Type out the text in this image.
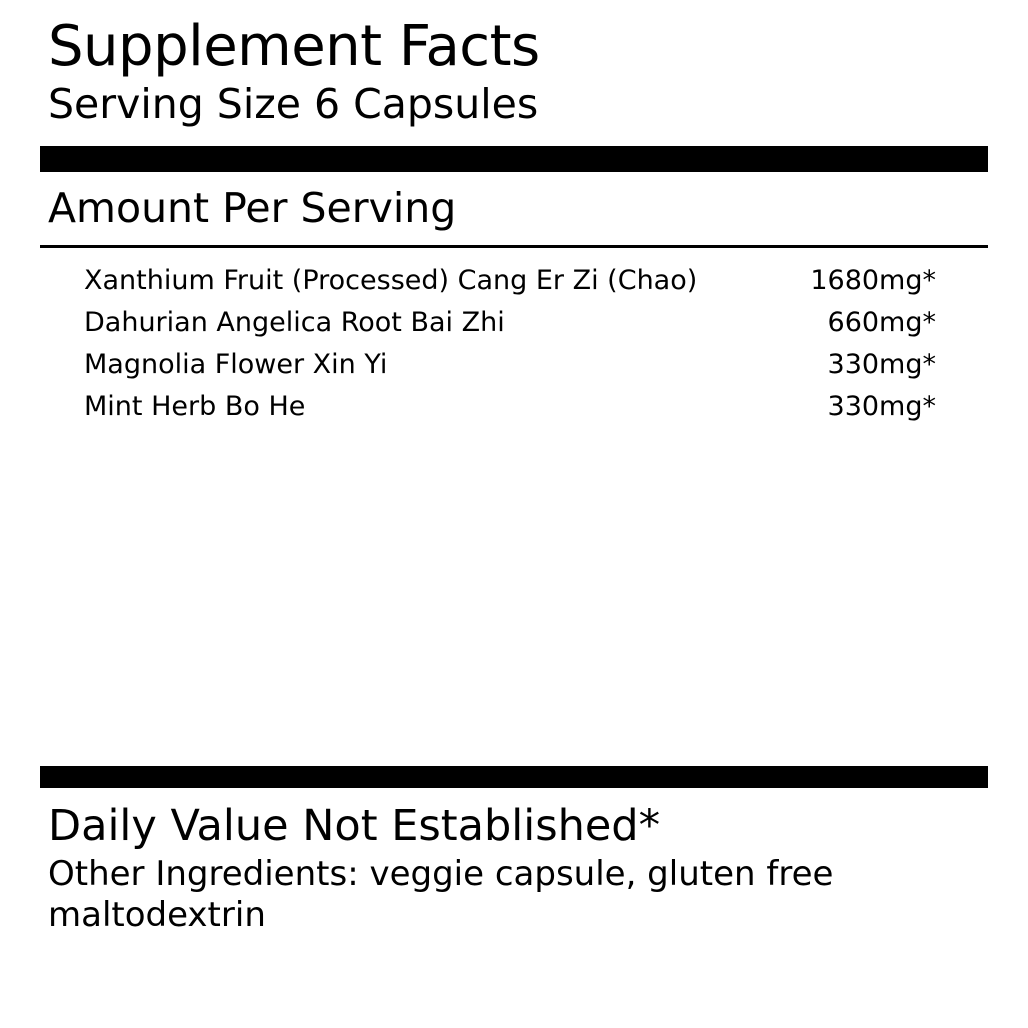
Supplement Facts
Serving Size 6 Capsules
Amount Per Serving
Xanthium Fruit (Processed) Cang Er Zi (Chao)	1680mg*
Dahurian Angelica Root Bai Zhi	660mg*
Magnolia Flower Xin Yi	330mg*
Mint Herb Bo He	330mg*
Daily Value Not Established*
Other Ingredients: veggie capsule, gluten free maltodextrin
